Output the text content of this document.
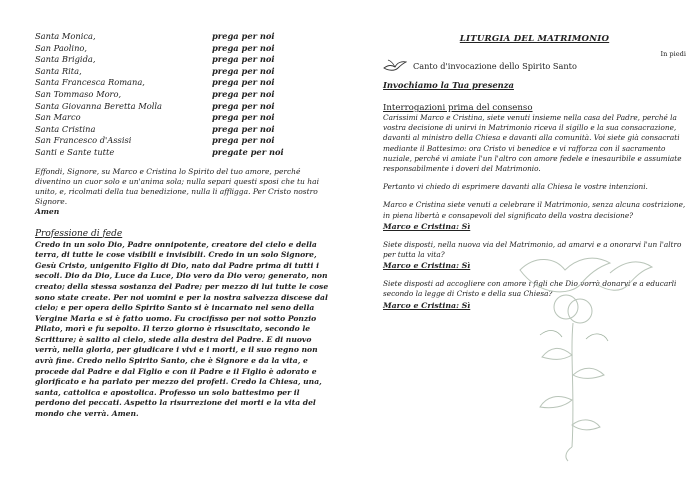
Santa Monica,	prega per noi
San Paolino,	prega per noi
Santa Brigida,	prega per noi
Santa Rita,	prega per noi
Santa Francesca Romana,	prega per noi
San Tommaso Moro,	prega per noi
Santa Giovanna Beretta Molla	prega per noi
San Marco	prega per noi
Santa Cristina	prega per noi
San Francesco d'Assisi	prega per noi
Santi e Sante tutte	pregate per noi
Effondi, Signore, su Marco e Cristina lo Spirito del tuo amore, perché diventino un cuor solo e un'anima sola; nulla separi questi sposi che tu hai unito, e, ricolmati della tua benedizione, nulla li affligga. Per Cristo nostro Signore.
Amen
Professione di fede
Credo in un solo Dio, Padre onnipotente, creatore del cielo e della terra, di tutte le cose visibili e invisibili. Credo in un solo Signore, Gesù Cristo, unigenito Figlio di Dio, nato dal Padre prima di tutti i secoli. Dio da Dio, Luce da Luce, Dio vero da Dio vero; generato, non creato; della stessa sostanza del Padre; per mezzo di lui tutte le cose sono state create. Per noi uomini e per la nostra salvezza discese dal cielo; e per opera dello Spirito Santo si è incarnato nel seno della Vergine Maria e si è fatto uomo. Fu crocifisso per noi sotto Ponzio Pilato, morì e fu sepolto. Il terzo giorno è risuscitato, secondo le Scritture; è salito al cielo, siede alla destra del Padre. E di nuovo verrà, nella gloria, per giudicare i vivi e i morti, e il suo regno non avrà fine. Credo nello Spirito Santo, che è Signore e da la vita, e procede dal Padre e dal Figlio e con il Padre e il Figlio è adorato e glorificato e ha parlato per mezzo dei profeti. Credo la Chiesa, una, santa, cattolica e apostolica. Professo un solo battesimo per il perdono dei peccati. Aspetto la risurrezione dei morti e la vita del mondo che verrà. Amen.
LITURGIA DEL MATRIMONIO
In piedi
Canto d'invocazione dello Spirito Santo
Invochiamo la Tua presenza
Interrogazioni prima del consenso
Carissimi Marco e Cristina, siete venuti insieme nella casa del Padre, perché la vostra decisione di unirvi in Matrimonio riceva il sigillo e la sua consacrazione, davanti al ministro della Chiesa e davanti alla comunità. Voi siete già consacrati mediante il Battesimo: ora Cristo vi benedice e vi rafforza con il sacramento nuziale, perché vi amiate l'un l'altro con amore fedele e inesauribile e assumiate responsabilmente i doveri del Matrimonio.
Pertanto vi chiedo di esprimere davanti alla Chiesa le vostre intenzioni.
Marco e Cristina siete venuti a celebrare il Matrimonio, senza alcuna costrizione, in piena libertà e consapevoli del significato della vostra decisione?
Marco e Cristina: Sì
Siete disposti, nella nuova via del Matrimonio, ad amarvi e a onorarvi l'un l'altro per tutta la vita?
Marco e Cristina: Sì
Siete disposti ad accogliere con amore i figli che Dio vorrà donarvi e a educarli secondo la legge di Cristo e della sua Chiesa?
Marco e Cristina: Sì
